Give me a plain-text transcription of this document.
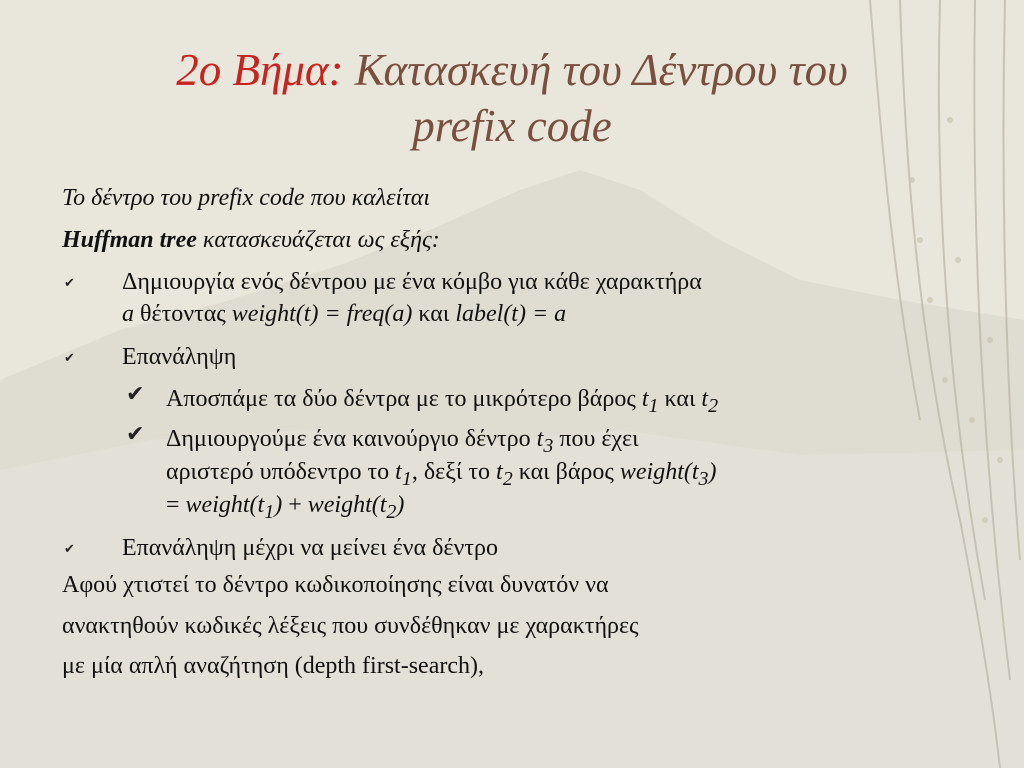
2ο Βήμα: Κατασκευή του Δέντρου του
prefix code
Το δέντρο του prefix code που καλείται
Huffman tree κατασκευάζεται ως εξής:
✔ Δημιουργία ενός δέντρου με ένα κόμβο για κάθε χαρακτήρα
a θέτοντας weight(t) = freq(a) και label(t) = a
✔ Επανάληψη
✔ Αποσπάμε τα δύο δέντρα με το μικρότερο βάρος $t_1$ και $t_2$
✔ Δημιουργούμε ένα καινούργιο δέντρο $t_3$ που έχει
αριστερό υπόδεντρο το $t_1$, δεξί το $t_2$ και βάρος $weight(t_3)$
= $weight(t_1)$ + $weight(t_2)$
✔ Επανάληψη μέχρι να μείνει ένα δέντρο
Αφού χτιστεί το δέντρο κωδικοποίησης είναι δυνατόν να
ανακτηθούν κωδικές λέξεις που συνδέθηκαν με χαρακτήρες
με μία απλή αναζήτηση (depth first-search),
